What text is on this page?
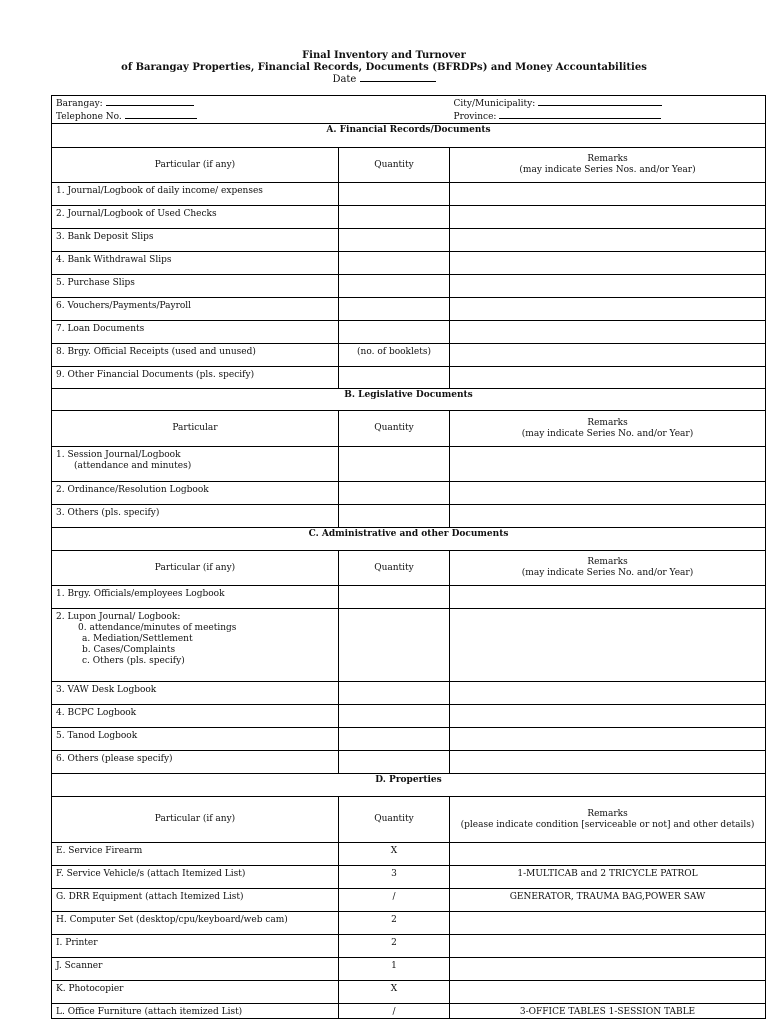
Final Inventory and Turnover
of Barangay Properties, Financial Records, Documents (BFRDPs) and Money Accountabilities
Date
Barangay:
Telephone No.
City/Municipality:
Province:		

A. Financial Records/Documents		
Particular (if any)	Quantity	Remarks
(may indicate Series Nos. and/or Year)

1. Journal/Logbook of daily income/ expenses		
2. Journal/Logbook of Used Checks		
3. Bank Deposit Slips		
4. Bank Withdrawal Slips		
5. Purchase Slips		
6. Vouchers/Payments/Payroll		
7. Loan Documents		
8. Brgy. Official Receipts (used and unused)	(no. of booklets)	
9. Other Financial Documents (pls. specify)		
B. Legislative Documents		
Particular	Quantity	Remarks
(may indicate Series No. and/or Year)

1. Session Journal/Logbook
(attendance and minutes)		

2. Ordinance/Resolution Logbook		
3. Others (pls. specify)		
C. Administrative and other Documents		
Particular (if any)	Quantity	Remarks
(may indicate Series No. and/or Year)

1. Brgy. Officials/employees Logbook		
2. Lupon Journal/ Logbook:
0. attendance/minutes of meetings
a. Mediation/Settlement
b. Cases/Complaints
c. Others (pls. specify)		

3. VAW Desk Logbook		
4. BCPC Logbook		
5. Tanod Logbook		
6. Others (please specify)		
D. Properties		
Particular (if any)	Quantity	Remarks
(please indicate condition [serviceable or not] and other details)

E. Service Firearm	X	
F. Service Vehicle/s (attach Itemized List)	3	1-MULTICAB and 2 TRICYCLE PATROL
G. DRR Equipment (attach Itemized List)	/	GENERATOR, TRAUMA BAG,POWER SAW
H. Computer Set (desktop/cpu/keyboard/web cam)	2	
I. Printer	2	
J. Scanner	1	
K. Photocopier	X	
L. Office Furniture (attach itemized List)	/	3-OFFICE TABLES 1-SESSION TABLE
